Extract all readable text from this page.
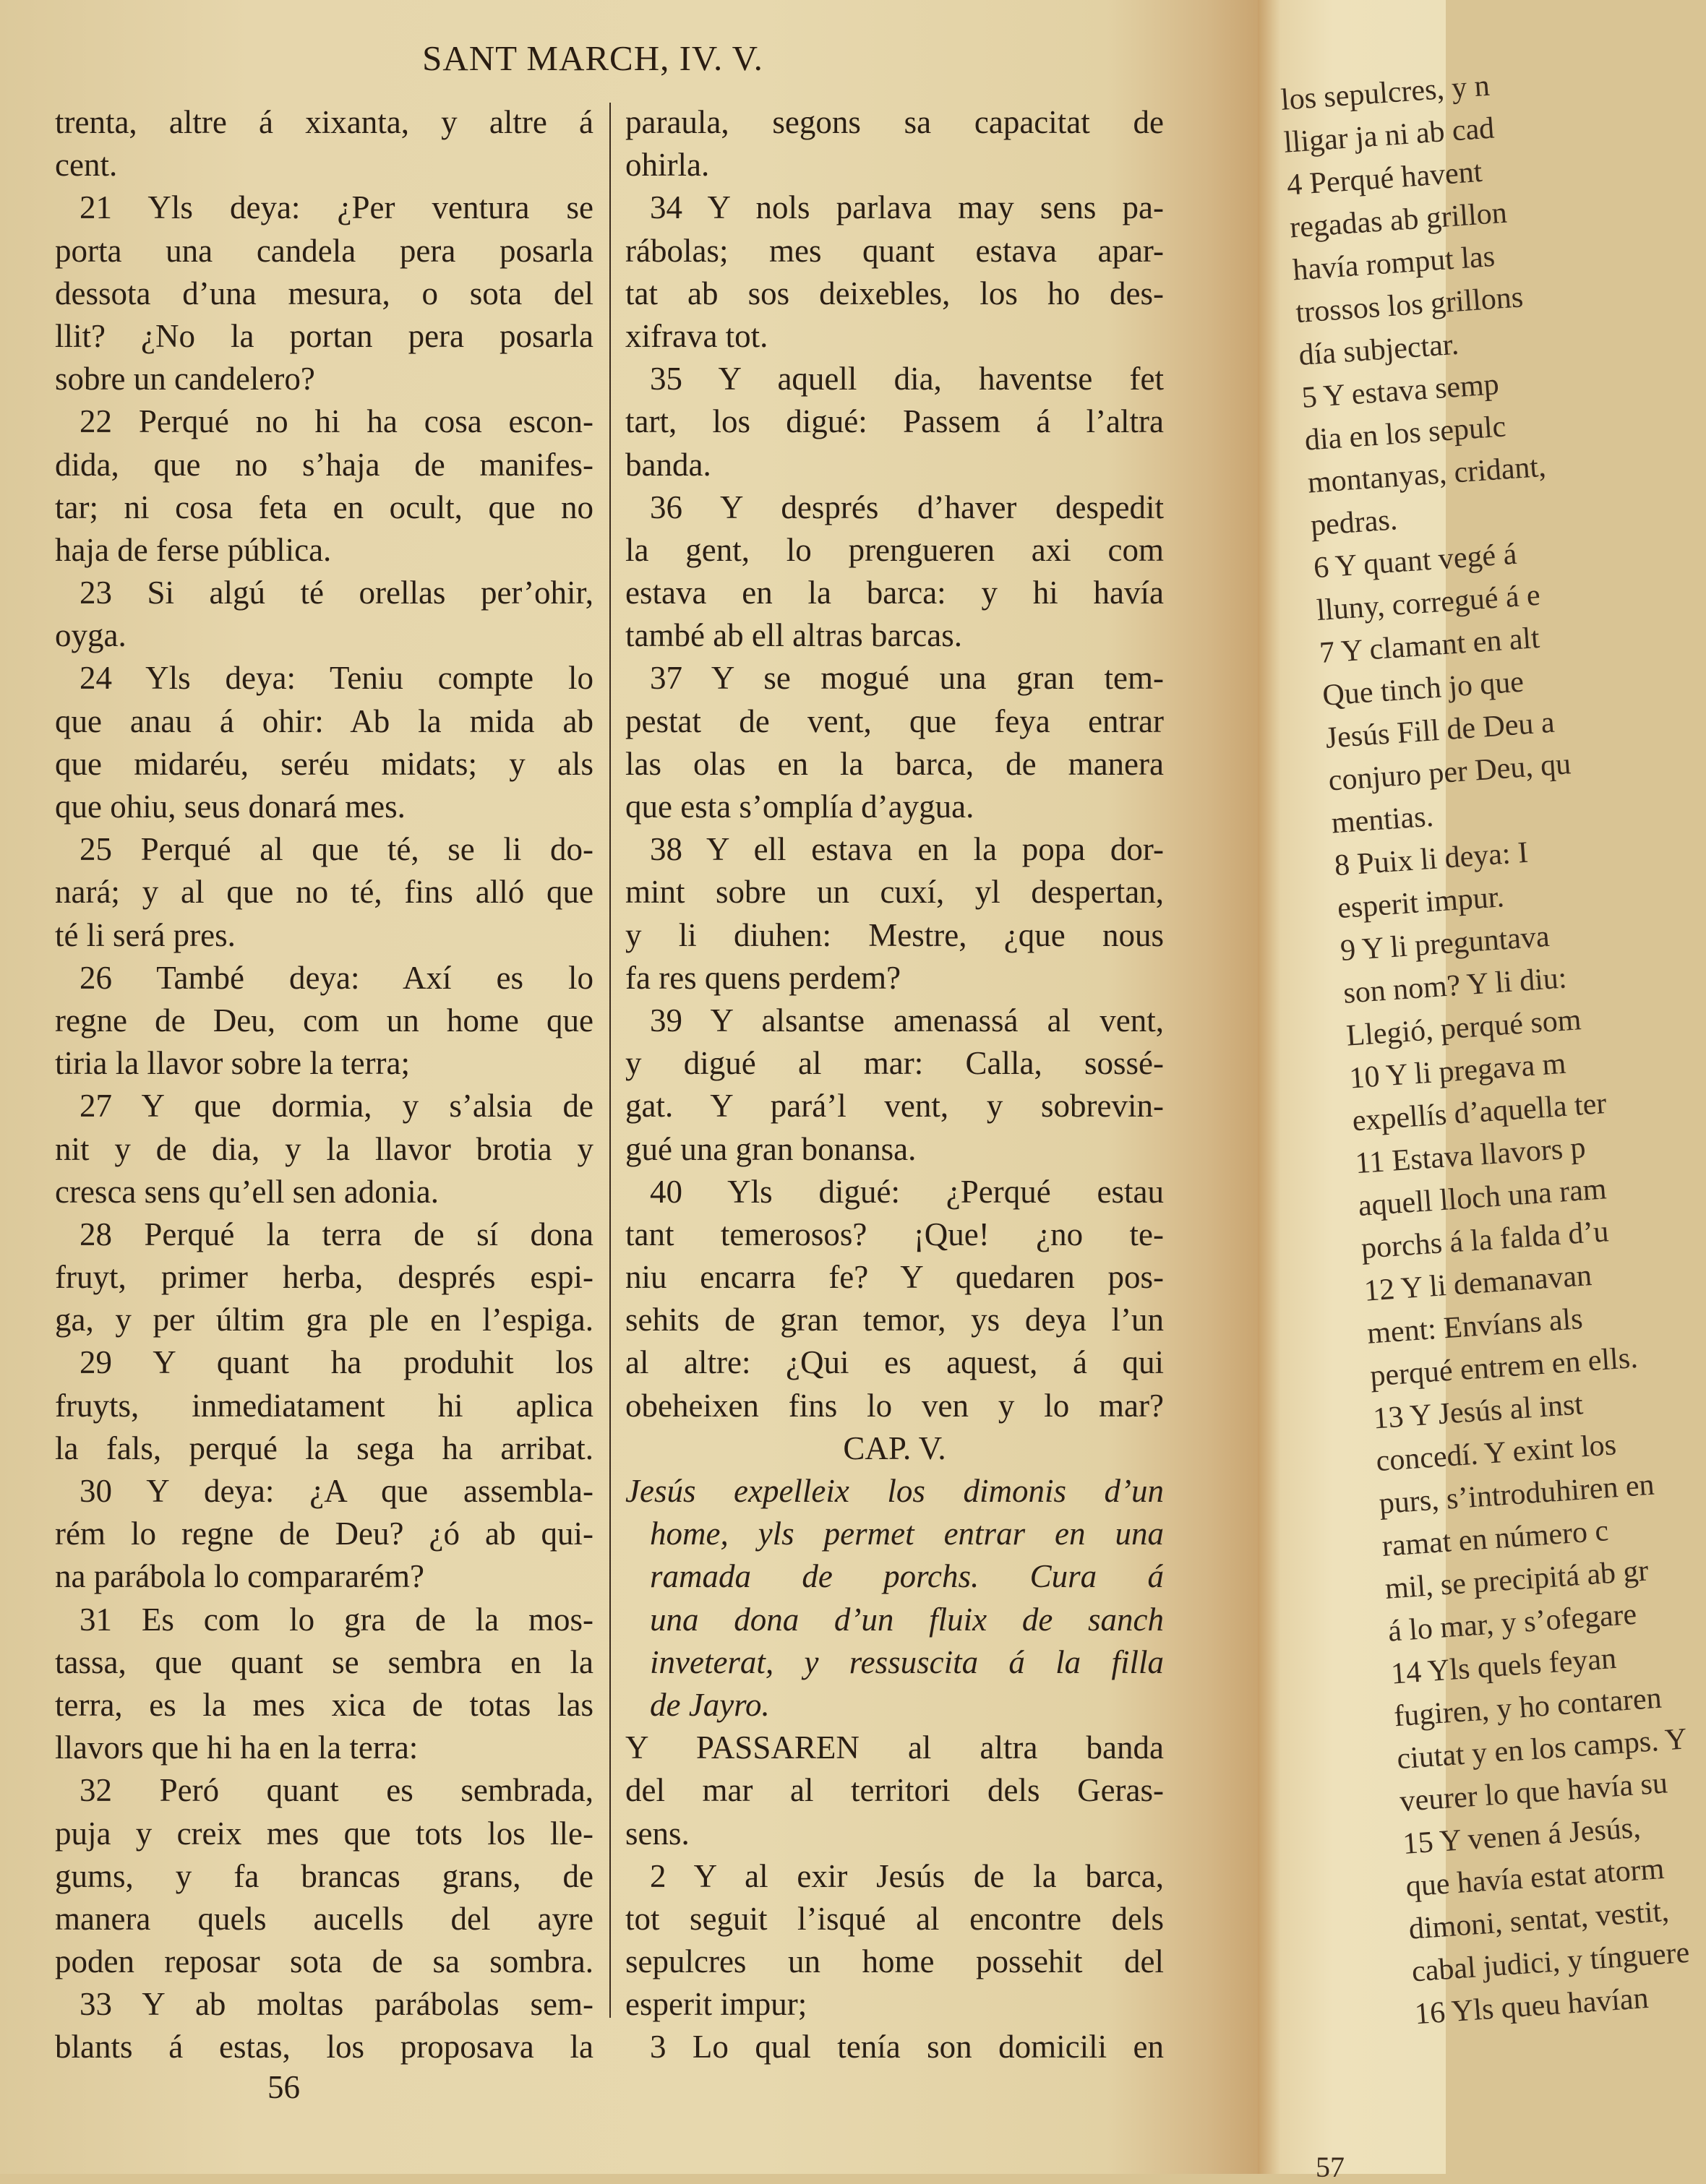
SANT MARCH, IV. V.
trenta, altre á xixanta, y altre á
cent.
21 Yls deya: ¿Per ventura se
porta una candela pera posarla
dessota d’una mesura, o sota del
llit? ¿No la portan pera posarla
sobre un candelero?
22 Perqué no hi ha cosa escon-
dida, que no s’haja de manifes-
tar; ni cosa feta en ocult, que no
haja de ferse pública.
23 Si algú té orellas per’ohir,
oyga.
24 Yls deya: Teniu compte lo
que anau á ohir: Ab la mida ab
que midaréu, seréu midats; y als
que ohiu, seus donará mes.
25 Perqué al que té, se li do-
nará; y al que no té, fins alló que
té li será pres.
26 També deya: Axí es lo
regne de Deu, com un home que
tiria la llavor sobre la terra;
27 Y que dormia, y s’alsia de
nit y de dia, y la llavor brotia y
cresca sens qu’ell sen adonia.
28 Perqué la terra de sí dona
fruyt, primer herba, després espi-
ga, y per últim gra ple en l’espiga.
29 Y quant ha produhit los
fruyts, inmediatament hi aplica
la fals, perqué la sega ha arribat.
30 Y deya: ¿A que assembla-
rém lo regne de Deu? ¿ó ab qui-
na parábola lo compararém?
31 Es com lo gra de la mos-
tassa, que quant se sembra en la
terra, es la mes xica de totas las
llavors que hi ha en la terra:
32 Peró quant es sembrada,
puja y creix mes que tots los lle-
gums, y fa brancas grans, de
manera quels aucells del ayre
poden reposar sota de sa sombra.
33 Y ab moltas parábolas sem-
blants á estas, los proposava la
paraula, segons sa capacitat de
ohirla.
34 Y nols parlava may sens pa-
rábolas; mes quant estava apar-
tat ab sos deixebles, los ho des-
xifrava tot.
35 Y aquell dia, haventse fet
tart, los digué: Passem á l’altra
banda.
36 Y després d’haver despedit
la gent, lo prengueren axi com
estava en la barca: y hi havía
també ab ell altras barcas.
37 Y se mogué una gran tem-
pestat de vent, que feya entrar
las olas en la barca, de manera
que esta s’omplía d’aygua.
38 Y ell estava en la popa dor-
mint sobre un cuxí, yl despertan,
y li diuhen: Mestre, ¿que nous
fa res quens perdem?
39 Y alsantse amenassá al vent,
y digué al mar: Calla, sossé-
gat. Y pará’l vent, y sobrevin-
gué una gran bonansa.
40 Yls digué: ¿Perqué estau
tant temerosos? ¡Que! ¿no te-
niu encarra fe? Y quedaren pos-
sehits de gran temor, ys deya l’un
al altre: ¿Qui es aquest, á qui
obeheixen fins lo ven y lo mar?
CAP. V.
Jesús expelleix los dimonis d’un
home, yls permet entrar en una
ramada de porchs. Cura á
una dona d’un fluix de sanch
inveterat, y ressuscita á la filla
de Jayro.
Y PASSAREN al altra banda
del mar al territori dels Geras-
sens.
2 Y al exir Jesús de la barca,
tot seguit l’isqué al encontre dels
sepulcres un home possehit del
esperit impur;
3 Lo qual tenía son domicili en
56
los sepulcres, y n
lligar ja ni ab cad
4 Perqué havent
regadas ab grillon
havía romput las
trossos los grillons
día subjectar.
5 Y estava semp
dia en los sepulc
montanyas, cridant,
pedras.
6 Y quant vegé á
lluny, corregué á e
7 Y clamant en alt
Que tinch jo que
Jesús Fill de Deu a
conjuro per Deu, qu
mentias.
8 Puix li deya: I
esperit impur.
9 Y li preguntava
son nom? Y li diu:
Llegió, perqué som
10 Y li pregava m
expellís d’aquella ter
11 Estava llavors p
aquell lloch una ram
porchs á la falda d’u
12 Y li demanavan
ment: Envíans als
perqué entrem en ells.
13 Y Jesús al inst
concedí. Y exint los
purs, s’introduhiren en
ramat en número c
mil, se precipitá ab gr
á lo mar, y s’ofegare
14 Yls quels feyan
fugiren, y ho contaren
ciutat y en los camps. Y
veurer lo que havía su
15 Y venen á Jesús,
que havía estat atorm
dimoni, sentat, vestit,
cabal judici, y tínguere
16 Yls queu havían
57
